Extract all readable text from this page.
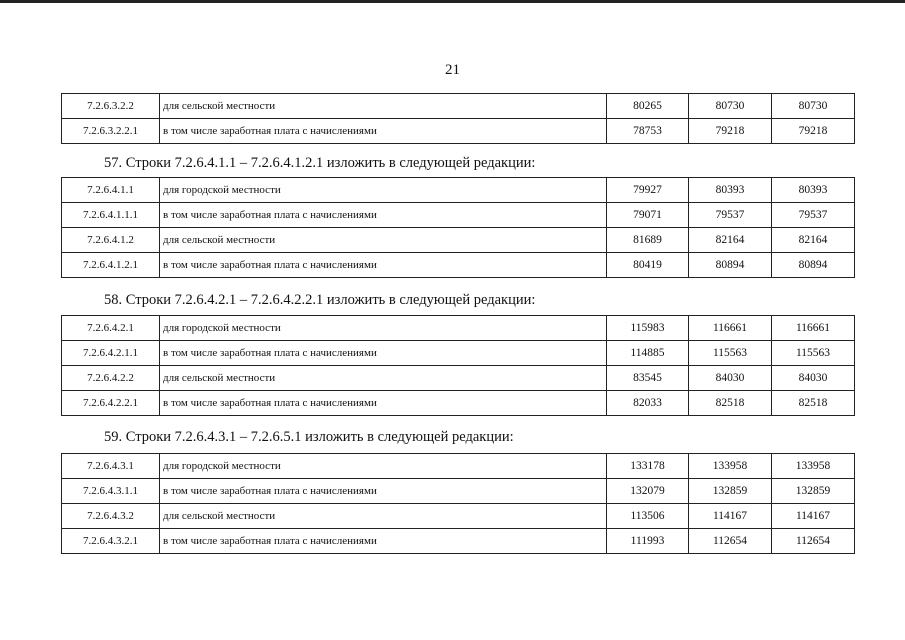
21
7.2.6.3.2.2	для сельской местности	80265	80730	80730
7.2.6.3.2.2.1	в том числе заработная плата с начислениями	78753	79218	79218
57. Строки 7.2.6.4.1.1 – 7.2.6.4.1.2.1 изложить в следующей редакции:
7.2.6.4.1.1	для городской местности	79927	80393	80393
7.2.6.4.1.1.1	в том числе заработная плата с начислениями	79071	79537	79537
7.2.6.4.1.2	для сельской местности	81689	82164	82164
7.2.6.4.1.2.1	в том числе заработная плата с начислениями	80419	80894	80894
58. Строки 7.2.6.4.2.1 – 7.2.6.4.2.2.1 изложить в следующей редакции:
7.2.6.4.2.1	для городской местности	115983	116661	116661
7.2.6.4.2.1.1	в том числе заработная плата с начислениями	114885	115563	115563
7.2.6.4.2.2	для сельской местности	83545	84030	84030
7.2.6.4.2.2.1	в том числе заработная плата с начислениями	82033	82518	82518
59. Строки 7.2.6.4.3.1 – 7.2.6.5.1 изложить в следующей редакции:
7.2.6.4.3.1	для городской местности	133178	133958	133958
7.2.6.4.3.1.1	в том числе заработная плата с начислениями	132079	132859	132859
7.2.6.4.3.2	для сельской местности	113506	114167	114167
7.2.6.4.3.2.1	в том числе заработная плата с начислениями	111993	112654	112654
